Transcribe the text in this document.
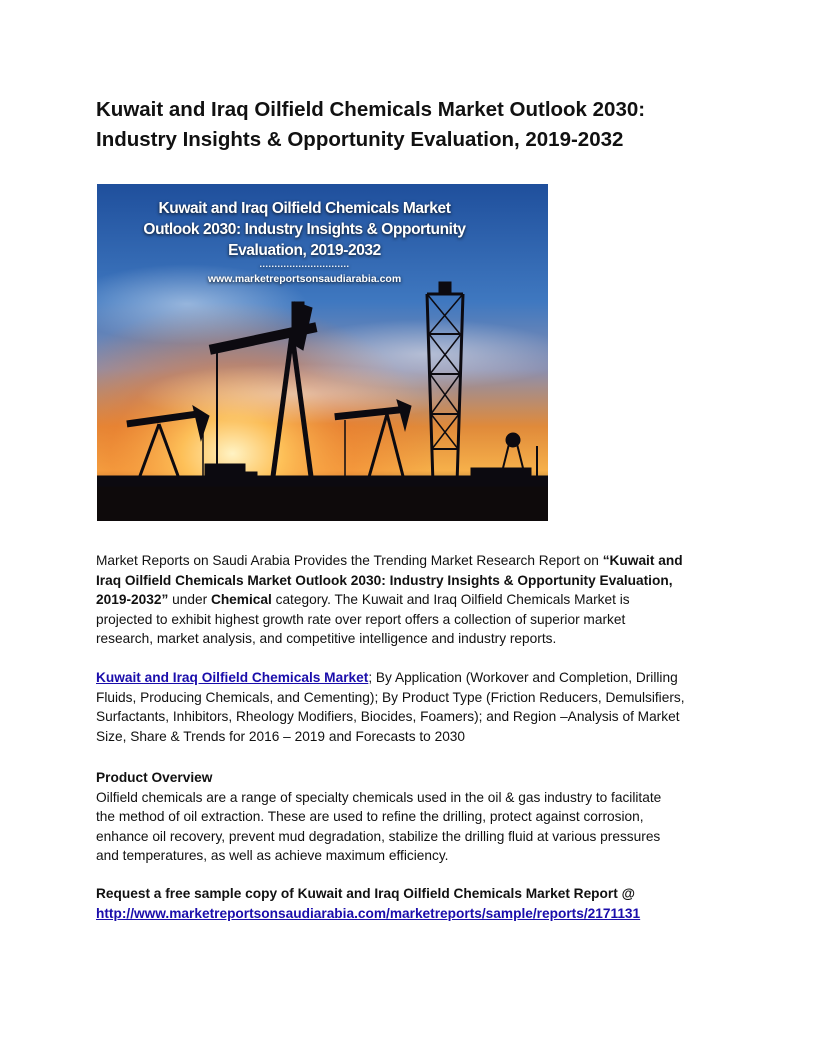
Kuwait and Iraq Oilfield Chemicals Market Outlook 2030:
Industry Insights & Opportunity Evaluation, 2019-2032
Kuwait and Iraq Oilfield Chemicals Market
Outlook 2030: Industry Insights & Opportunity
Evaluation, 2019-2032
..............................
www.marketreportsonsaudiarabia.com

Market Reports on Saudi Arabia Provides the Trending Market Research Report on “Kuwait and
Iraq Oilfield Chemicals Market Outlook 2030: Industry Insights & Opportunity Evaluation,
2019-2032” under Chemical category. The Kuwait and Iraq Oilfield Chemicals Market is
projected to exhibit highest growth rate over report offers a collection of superior market
research, market analysis, and competitive intelligence and industry reports.

Kuwait and Iraq Oilfield Chemicals Market; By Application (Workover and Completion, Drilling
Fluids, Producing Chemicals, and Cementing); By Product Type (Friction Reducers, Demulsifiers,
Surfactants, Inhibitors, Rheology Modifiers, Biocides, Foamers); and Region –Analysis of Market
Size, Share & Trends for 2016 – 2019 and Forecasts to 2030

Product Overview
Oilfield chemicals are a range of specialty chemicals used in the oil & gas industry to facilitate
the method of oil extraction. These are used to refine the drilling, protect against corrosion,
enhance oil recovery, prevent mud degradation, stabilize the drilling fluid at various pressures
and temperatures, as well as achieve maximum efficiency.

Request a free sample copy of Kuwait and Iraq Oilfield Chemicals Market Report @
http://www.marketreportsonsaudiarabia.com/marketreports/sample/reports/2171131
